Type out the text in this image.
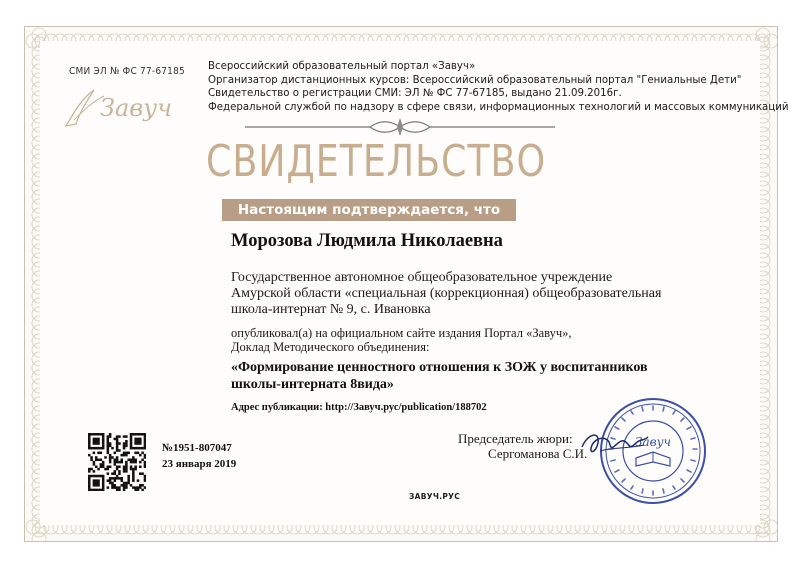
СМИ ЭЛ № ФС 77-67185
Завуч
Всероссийский образовательный портал «Завуч»
Организатор дистанционных курсов: Всероссийский образовательный портал "Гениальные Дети"
Свидетельство о регистрации СМИ: ЭЛ № ФС 77-67185, выдано 21.09.2016г.
Федеральной службой по надзору в сфере связи, информационных технологий и массовых коммуникаций
СВИДЕТЕЛЬСТВО
Настоящим подтверждается, что
Морозова Людмила Николаевна
Государственное автономное общеобразовательное учреждение Амурской области «специальная (коррекционная) общеобразовательная школа-интернат № 9, с. Ивановка
опубликовал(а) на официальном сайте издания Портал «Завуч»,
Доклад Методического объединения:
«Формирование ценностного отношения к ЗОЖ у воспитанников школы-интерната 8вида»
Адрес публикации: http://Завуч.рус/publication/188702
№1951-807047
23 января 2019
Председатель жюри:
Сергоманова С.И.
Завуч
ЗАВУЧ.РУС
